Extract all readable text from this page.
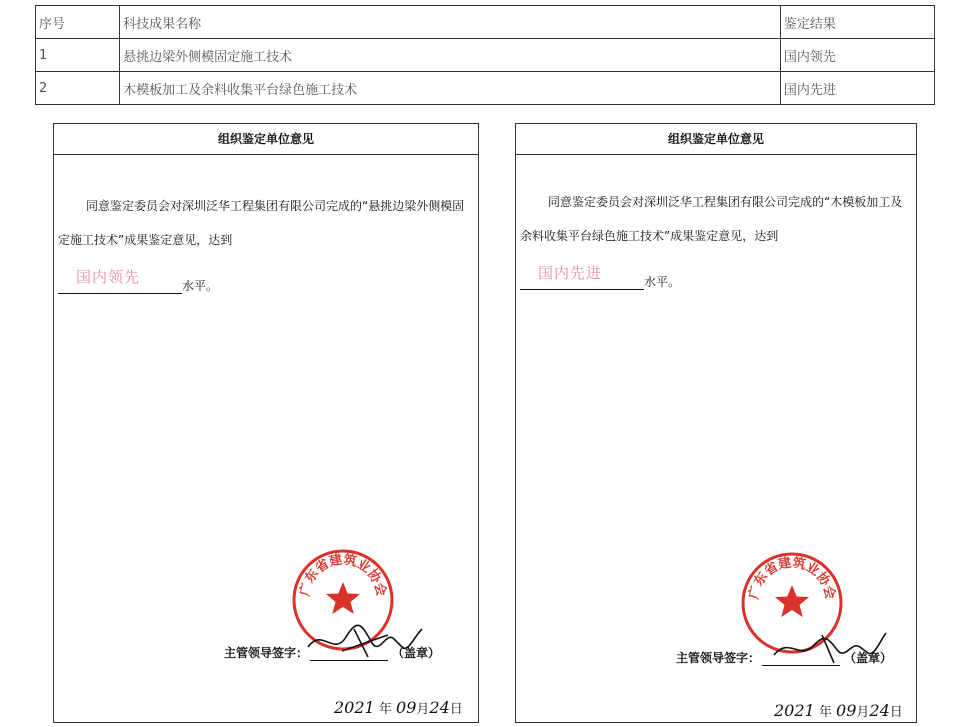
序号	科技成果名称	鉴定结果
1	悬挑边梁外侧模固定施工技术	国内领先
2	木模板加工及余料收集平台绿色施工技术	国内先进
组织鉴定单位意见
同意鉴定委员会对深圳泛华工程集团有限公司完成的“悬挑边梁外侧模固定施工技术”成果鉴定意见，达到
国内领先	水平。
广东省建筑业协会
主管领导签字：	（盖章）
2021 年 09月24日
组织鉴定单位意见
同意鉴定委员会对深圳泛华工程集团有限公司完成的“木模板加工及余料收集平台绿色施工技术”成果鉴定意见，达到
国内先进	水平。
广东省建筑业协会
主管领导签字：	（盖章）
2021 年 09月24日
